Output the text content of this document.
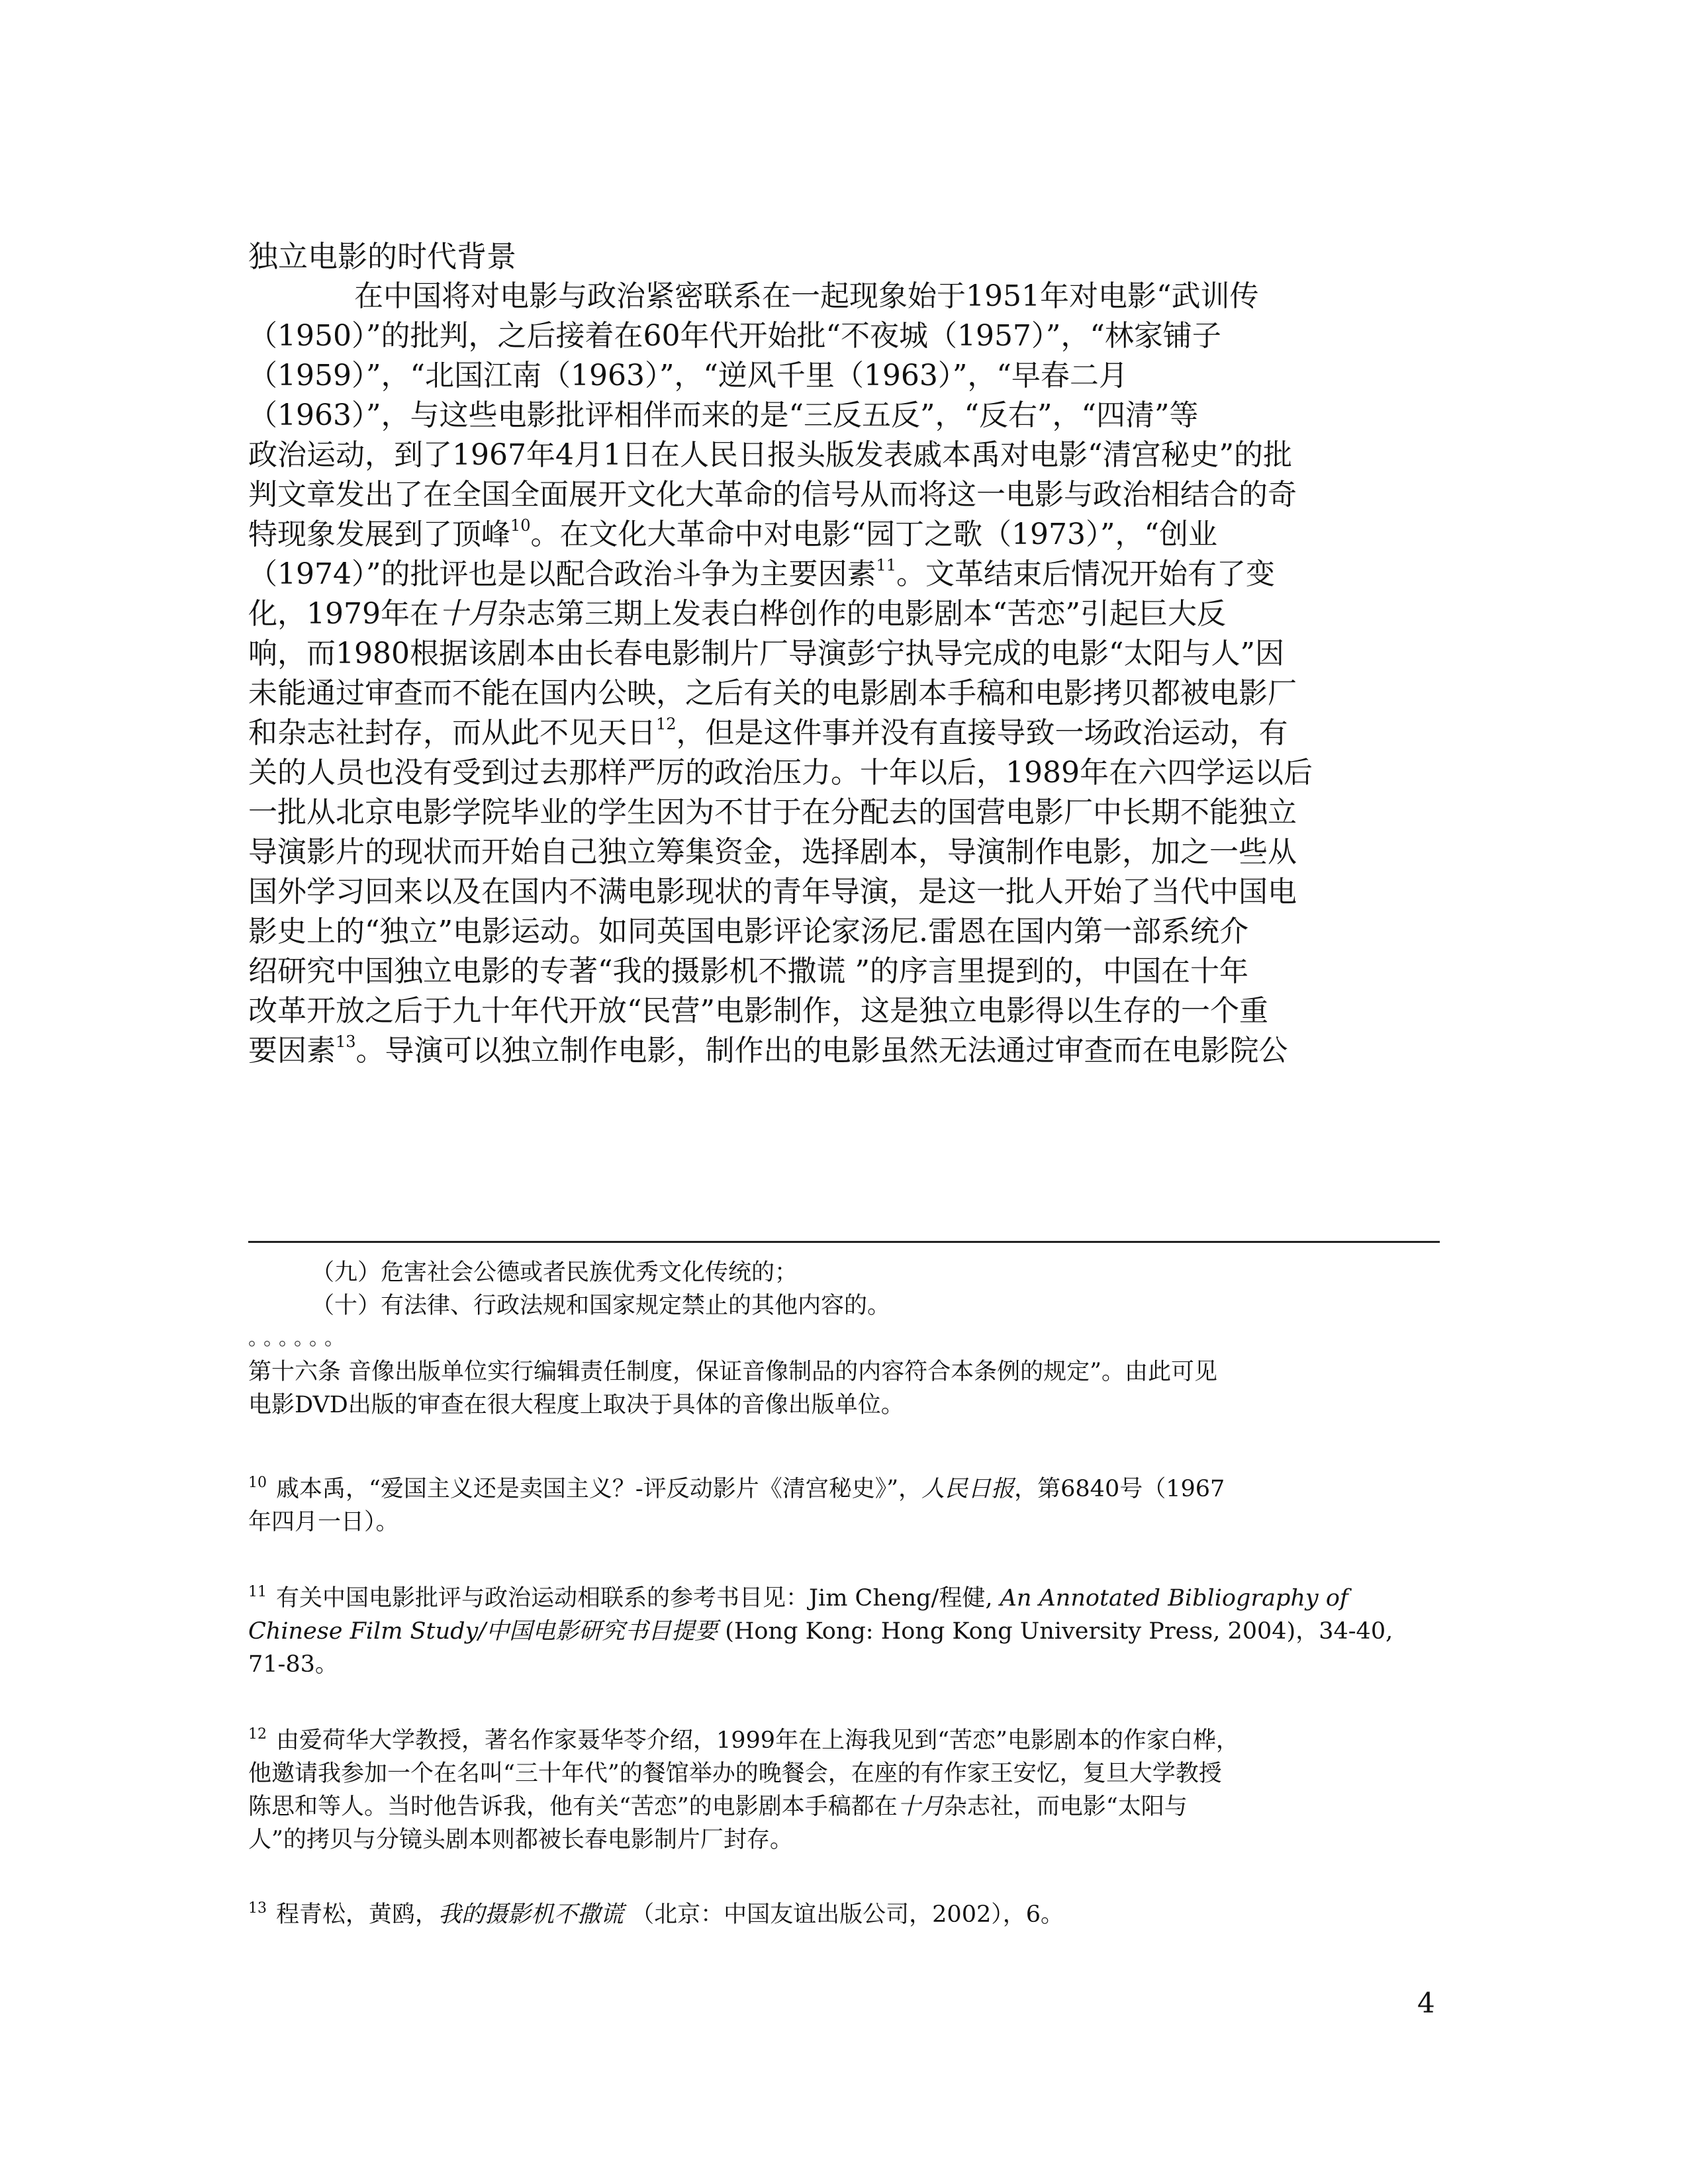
独立电影的时代背景
在中国将对电影与政治紧密联系在一起现象始于1951年对电影“武训传
（1950）”的批判，之后接着在60年代开始批“不夜城（1957）”，“林家铺子
（1959）”，“北国江南（1963）”，“逆风千里（1963）”，“早春二月
（1963）”，与这些电影批评相伴而来的是“三反五反”，“反右”，“四清”等
政治运动，到了1967年4月1日在人民日报头版发表戚本禹对电影“清宫秘史”的批
判文章发出了在全国全面展开文化大革命的信号从而将这一电影与政治相结合的奇
特现象发展到了顶峰$^{10}$。在文化大革命中对电影“园丁之歌（1973）”，“创业
（1974）”的批评也是以配合政治斗争为主要因素$^{11}$。文革结束后情况开始有了变
化，1979年在十月杂志第三期上发表白桦创作的电影剧本“苦恋”引起巨大反
响，而1980根据该剧本由长春电影制片厂导演彭宁执导完成的电影“太阳与人”因
未能通过审查而不能在国内公映，之后有关的电影剧本手稿和电影拷贝都被电影厂
和杂志社封存，而从此不见天日$^{12}$，但是这件事并没有直接导致一场政治运动，有
关的人员也没有受到过去那样严厉的政治压力。十年以后，1989年在六四学运以后
一批从北京电影学院毕业的学生因为不甘于在分配去的国营电影厂中长期不能独立
导演影片的现状而开始自己独立筹集资金，选择剧本，导演制作电影，加之一些从
国外学习回来以及在国内不满电影现状的青年导演，是这一批人开始了当代中国电
影史上的“独立”电影运动。如同英国电影评论家汤尼.雷恩在国内第一部系统介
绍研究中国独立电影的专著“我的摄影机不撒谎 ”的序言里提到的，中国在十年
改革开放之后于九十年代开放“民营”电影制作，这是独立电影得以生存的一个重
要因素$^{13}$。导演可以独立制作电影，制作出的电影虽然无法通过审查而在电影院公
（九）危害社会公德或者民族优秀文化传统的；
（十）有法律、行政法规和国家规定禁止的其他内容的。
。。。。。。
第十六条 音像出版单位实行编辑责任制度，保证音像制品的内容符合本条例的规定”。由此可见
电影DVD出版的审查在很大程度上取决于具体的音像出版单位。
$^{10}$ 戚本禹，“爱国主义还是卖国主义？-评反动影片《清宫秘史》”，人民日报，第6840号（1967
年四月一日）。
$^{11}$ 有关中国电影批评与政治运动相联系的参考书目见：Jim Cheng/程健, An Annotated Bibliography of
Chinese Film Study/中国电影研究书目提要 (Hong Kong: Hong Kong University Press, 2004)，34-40,
71-83。
$^{12}$ 由爱荷华大学教授，著名作家聂华苓介绍，1999年在上海我见到“苦恋”电影剧本的作家白桦，
他邀请我参加一个在名叫“三十年代”的餐馆举办的晚餐会，在座的有作家王安忆，复旦大学教授
陈思和等人。当时他告诉我，他有关“苦恋”的电影剧本手稿都在十月杂志社，而电影“太阳与
人”的拷贝与分镜头剧本则都被长春电影制片厂封存。
$^{13}$ 程青松，黄鸥，我的摄影机不撒谎 （北京：中国友谊出版公司，2002），6。
4
